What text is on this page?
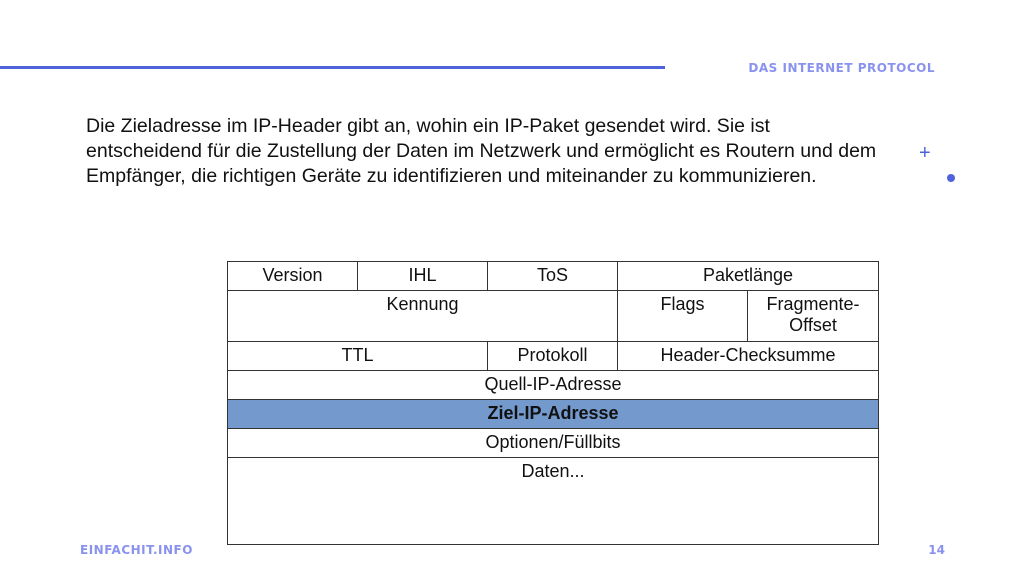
DAS INTERNET PROTOCOL

Die Zieladresse im IP-Header gibt an, wohin ein IP-Paket gesendet wird. Sie ist entscheidend für die Zustellung der Daten im Netzwerk und ermöglicht es Routern und dem Empfänger, die richtigen Geräte zu identifizieren und miteinander zu kommunizieren.

+
Version	IHL	ToS	Paketlänge	
Kennung			Flags	Fragmente-Offset
TTL		Protokoll	Header-Checksumme	
Quell-IP-Adresse				
Ziel-IP-Adresse				
Optionen/Füllbits				
Daten...				
EINFACHIT.INFO	14
